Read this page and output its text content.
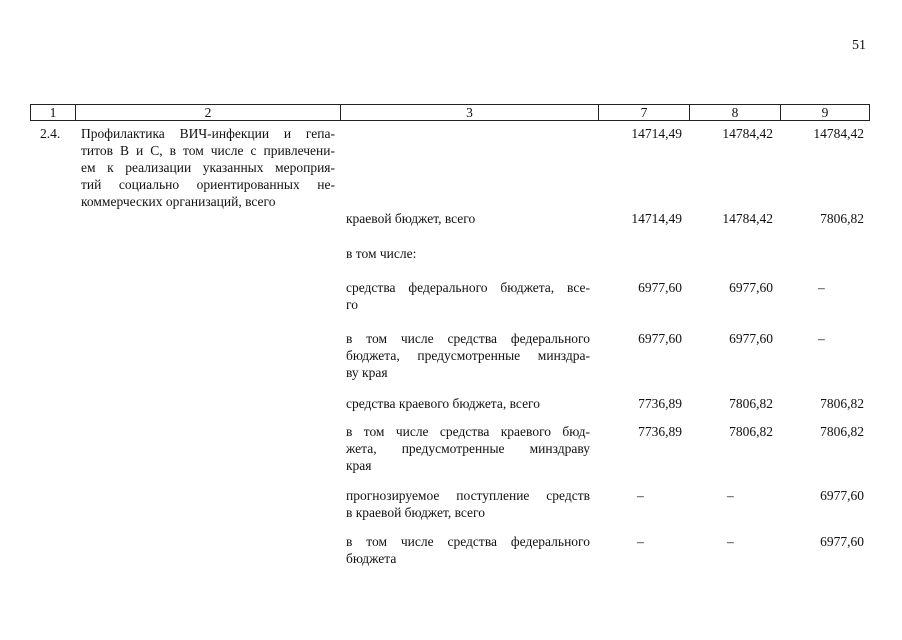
51
1	2	3	7	8	9
2.4. Профилактика ВИЧ-инфекции и гепа-
титов В и С, в том числе с привлечени-
ем к реализации указанных мероприя-
тий социально ориентированных не-
коммерческих организаций, всего
14714,49	14784,42	14784,42
краевой бюджет, всего	14714,49	14784,42	7806,82
в том числе:
средства федерального бюджета, все-
го
6977,60	6977,60	–
в том числе средства федерального
бюджета, предусмотренные минздра-
ву края
6977,60	6977,60	–
средства краевого бюджета, всего	7736,89	7806,82	7806,82
в том числе средства краевого бюд-
жета, предусмотренные минздраву
края
7736,89	7806,82	7806,82
прогнозируемое поступление средств
в краевой бюджет, всего
–	–	6977,60
в том числе средства федерального
бюджета
–	–	6977,60
